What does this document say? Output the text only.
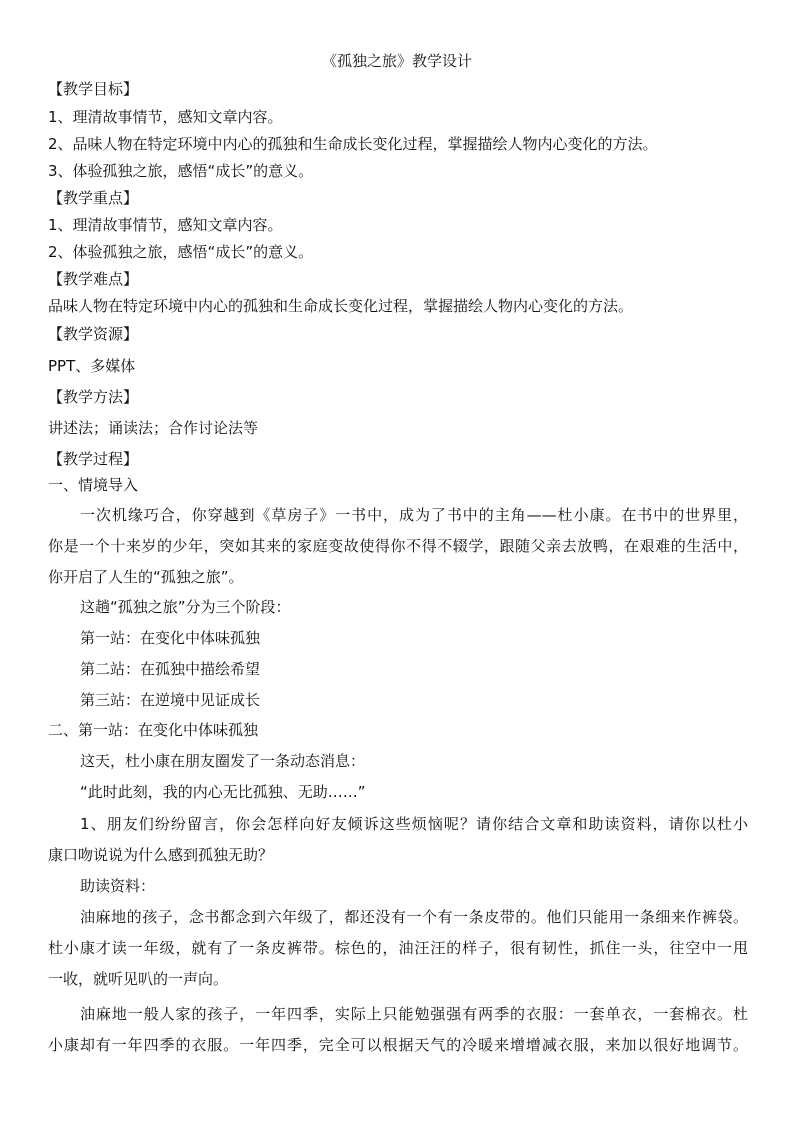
《孤独之旅》教学设计
【教学目标】
1、理清故事情节，感知文章内容。
2、品味人物在特定环境中内心的孤独和生命成长变化过程，掌握描绘人物内心变化的方法。
3、体验孤独之旅，感悟“成长”的意义。
【教学重点】
1、理清故事情节，感知文章内容。
2、体验孤独之旅，感悟“成长”的意义。
【教学难点】
品味人物在特定环境中内心的孤独和生命成长变化过程，掌握描绘人物内心变化的方法。
【教学资源】
PPT、多媒体
【教学方法】
讲述法；诵读法；合作讨论法等
【教学过程】
一、情境导入
一次机缘巧合，你穿越到《草房子》一书中，成为了书中的主角——杜小康。在书中的世界里，
你是一个十来岁的少年，突如其来的家庭变故使得你不得不辍学，跟随父亲去放鸭，在艰难的生活中，
你开启了人生的“孤独之旅”。
这趟“孤独之旅”分为三个阶段：
第一站：在变化中体味孤独
第二站：在孤独中描绘希望
第三站：在逆境中见证成长
二、第一站：在变化中体味孤独
这天，杜小康在朋友圈发了一条动态消息：
“此时此刻，我的内心无比孤独、无助……”
1、朋友们纷纷留言，你会怎样向好友倾诉这些烦恼呢？请你结合文章和助读资料，请你以杜小
康口吻说说为什么感到孤独无助？
助读资料：
油麻地的孩子，念书都念到六年级了，都还没有一个有一条皮带的。他们只能用一条细来作裤袋。
杜小康才读一年级，就有了一条皮裤带。棕色的，油汪汪的样子，很有韧性，抓住一头，往空中一甩
一收，就听见叭的一声向。
油麻地一般人家的孩子，一年四季，实际上只能勉强强有两季的衣服：一套单衣，一套棉衣。杜
小康却有一年四季的衣服。一年四季，完全可以根据天气的冷暖来增增减衣服，来加以很好地调节。
